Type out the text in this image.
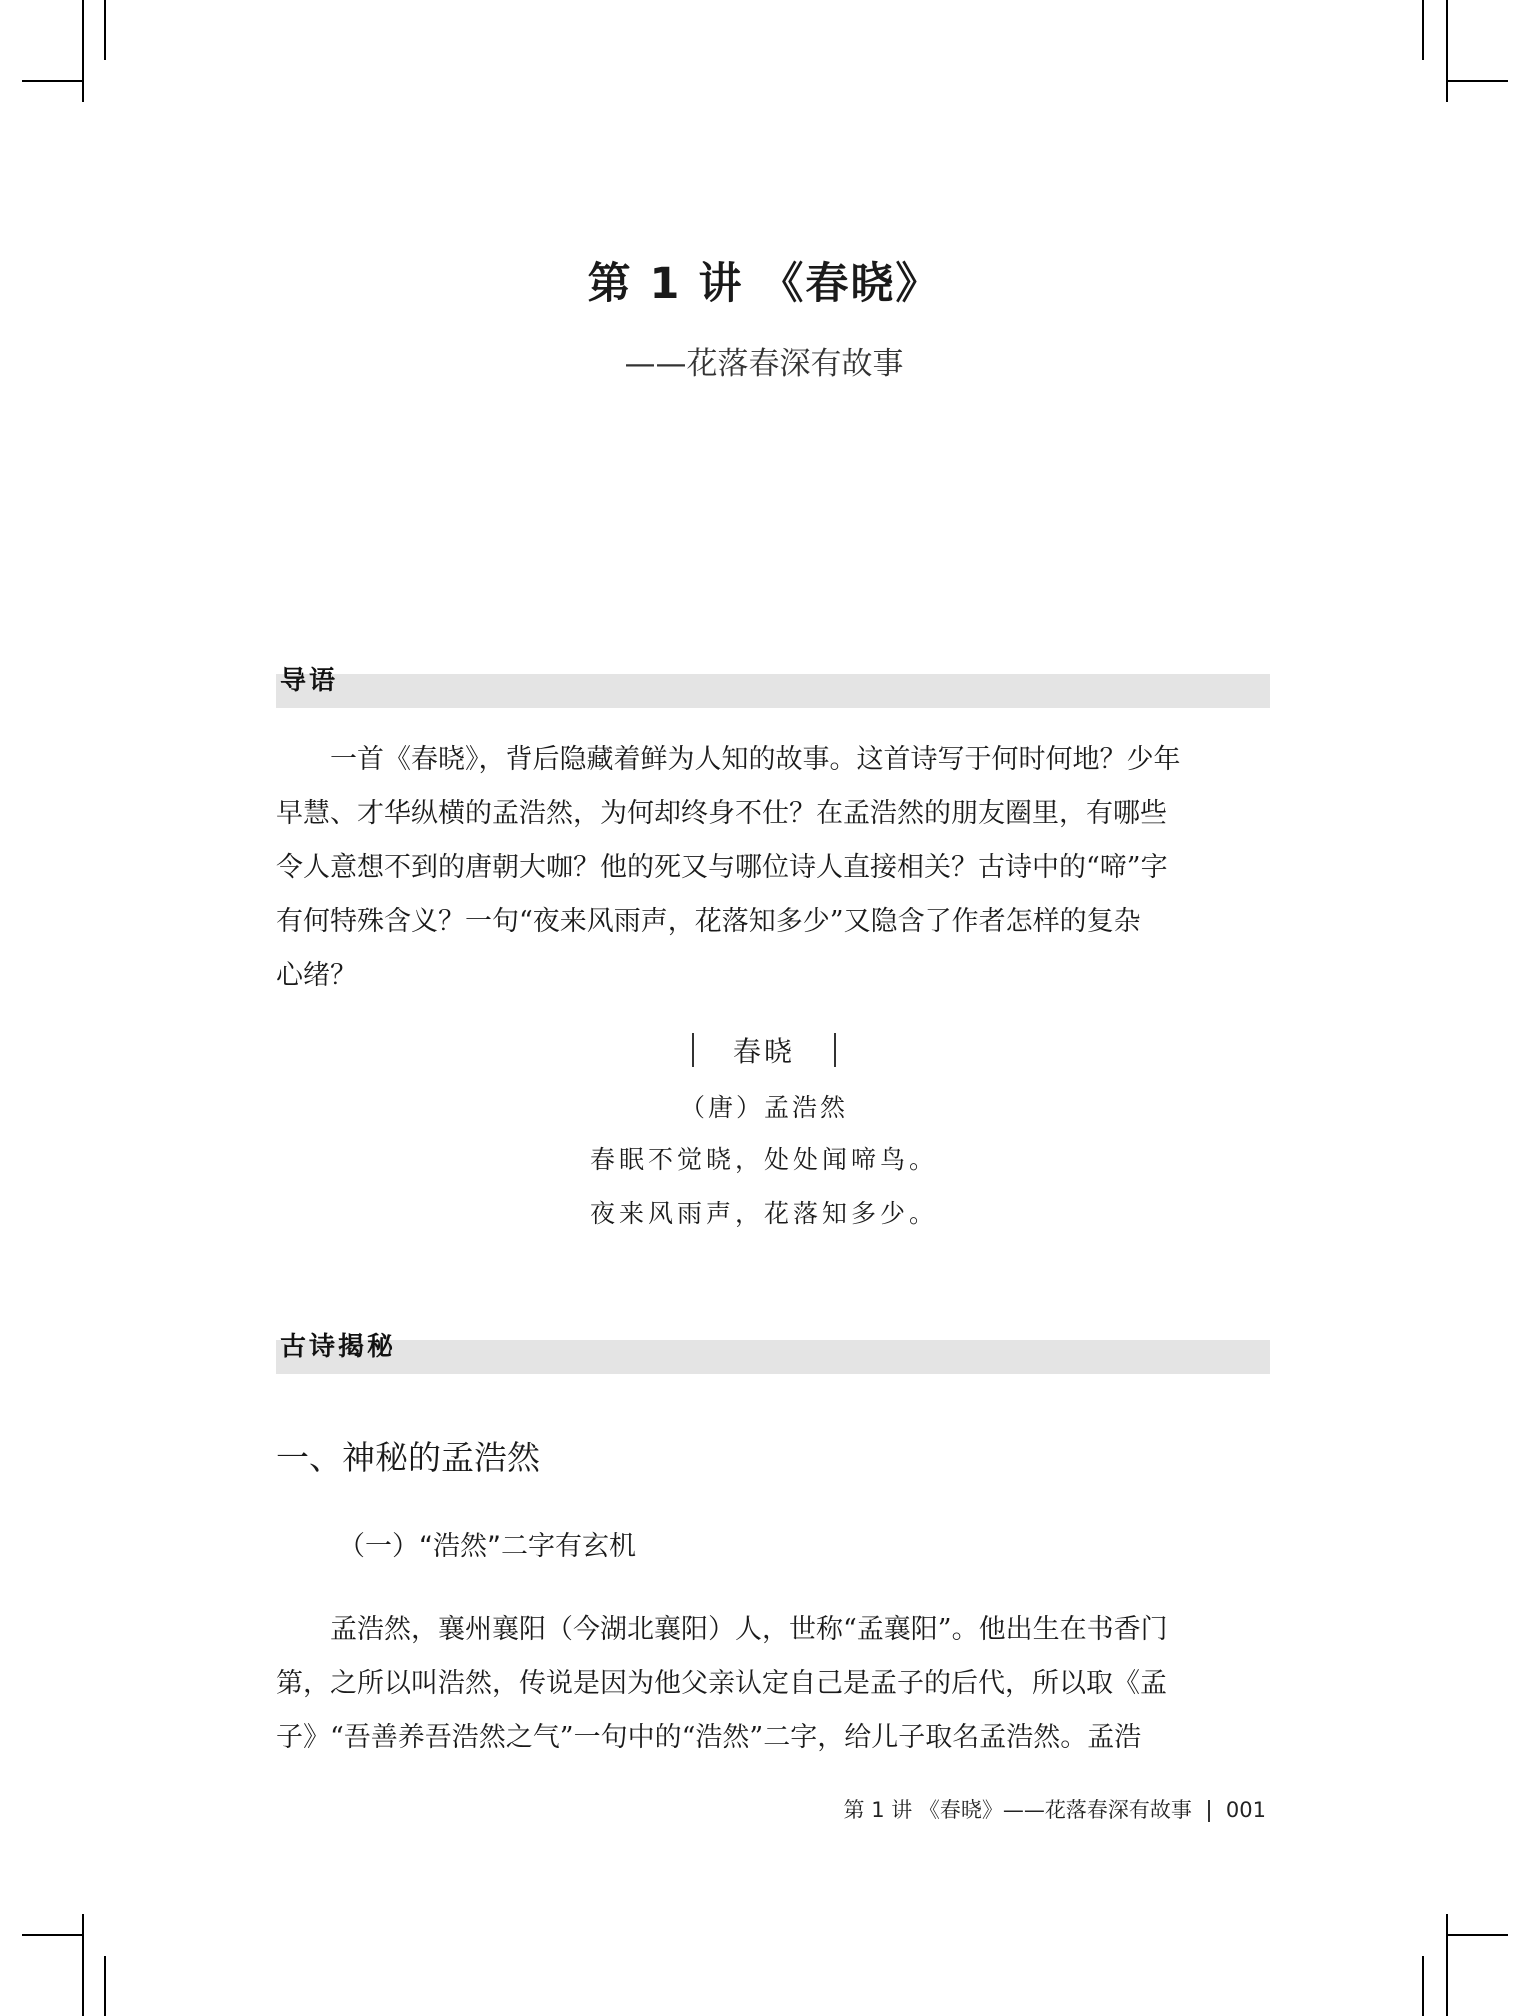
第 1 讲 《春晓》
——花落春深有故事
导语
一首《春晓》，背后隐藏着鲜为人知的故事。这首诗写于何时何地？少年
早慧、才华纵横的孟浩然，为何却终身不仕？在孟浩然的朋友圈里，有哪些
令人意想不到的唐朝大咖？他的死又与哪位诗人直接相关？古诗中的“啼”字
有何特殊含义？一句“夜来风雨声，花落知多少”又隐含了作者怎样的复杂
心绪？
春晓
（唐）孟浩然
春眠不觉晓，处处闻啼鸟。
夜来风雨声，花落知多少。
古诗揭秘
一、神秘的孟浩然
（一）“浩然”二字有玄机
孟浩然，襄州襄阳（今湖北襄阳）人，世称“孟襄阳”。他出生在书香门
第，之所以叫浩然，传说是因为他父亲认定自己是孟子的后代，所以取《孟
子》“吾善养吾浩然之气”一句中的“浩然”二字，给儿子取名孟浩然。孟浩
第 1 讲 《春晓》——花落春深有故事 001
